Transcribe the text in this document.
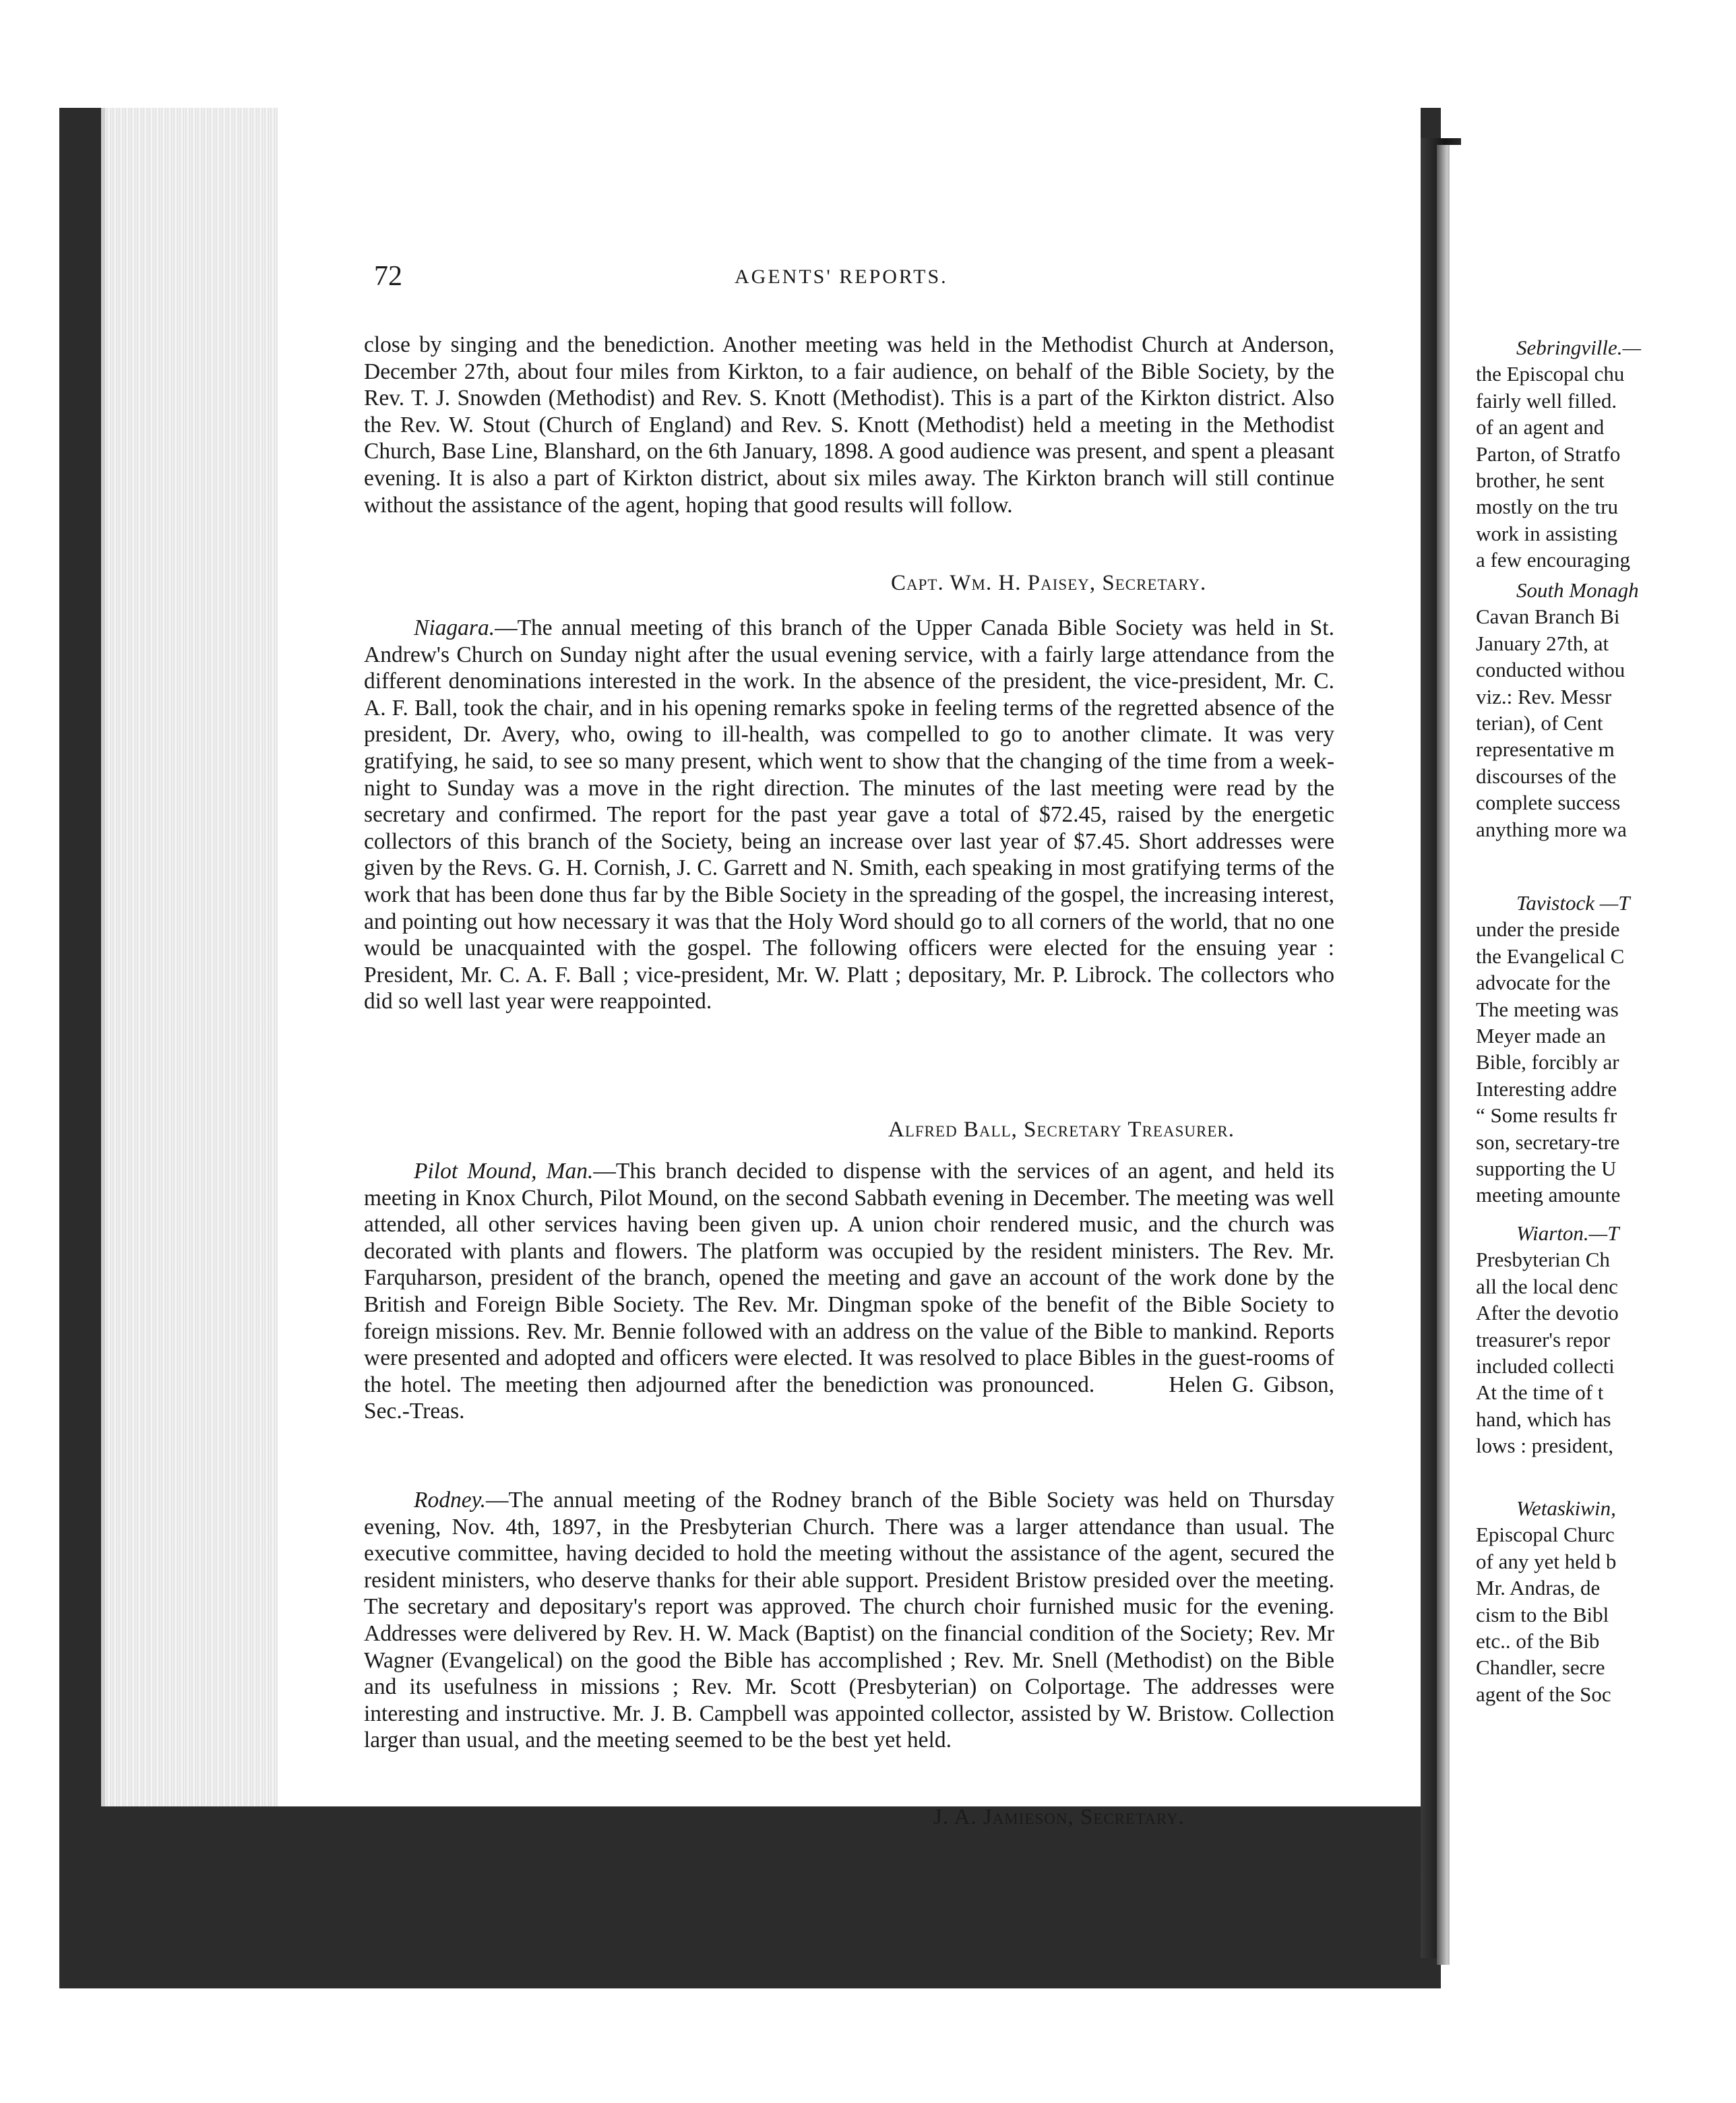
72	AGENTS' REPORTS.

close by singing and the benediction. Another meeting was held in the Methodist Church at Anderson, December 27th, about four miles from Kirkton, to a fair audience, on behalf of the Bible Society, by the Rev. T. J. Snowden (Methodist) and Rev. S. Knott (Methodist). This is a part of the Kirkton district. Also the Rev. W. Stout (Church of England) and Rev. S. Knott (Methodist) held a meeting in the Methodist Church, Base Line, Blanshard, on the 6th January, 1898. A good audience was present, and spent a pleasant evening. It is also a part of Kirkton district, about six miles away. The Kirkton branch will still continue without the assistance of the agent, hoping that good results will follow.

Capt. Wm. H. Paisey, Secretary.

Niagara.—The annual meeting of this branch of the Upper Canada Bible Society was held in St. Andrew's Church on Sunday night after the usual evening service, with a fairly large attendance from the different denominations interested in the work. In the absence of the president, the vice-president, Mr. C. A. F. Ball, took the chair, and in his opening remarks spoke in feeling terms of the regretted absence of the president, Dr. Avery, who, owing to ill-health, was compelled to go to another climate. It was very gratifying, he said, to see so many present, which went to show that the changing of the time from a week-night to Sunday was a move in the right direction. The minutes of the last meeting were read by the secretary and confirmed. The report for the past year gave a total of $72.45, raised by the energetic collectors of this branch of the Society, being an increase over last year of $7.45. Short addresses were given by the Revs. G. H. Cornish, J. C. Garrett and N. Smith, each speaking in most gratifying terms of the work that has been done thus far by the Bible Society in the spreading of the gospel, the increasing interest, and pointing out how necessary it was that the Holy Word should go to all corners of the world, that no one would be unacquainted with the gospel. The following officers were elected for the ensuing year : President, Mr. C. A. F. Ball ; vice-president, Mr. W. Platt ; depositary, Mr. P. Librock. The collectors who did so well last year were reappointed.

Alfred Ball, Secretary Treasurer.

Pilot Mound, Man.—This branch decided to dispense with the services of an agent, and held its meeting in Knox Church, Pilot Mound, on the second Sabbath evening in December. The meeting was well attended, all other services having been given up. A union choir rendered music, and the church was decorated with plants and flowers. The platform was occupied by the resident ministers. The Rev. Mr. Farquharson, president of the branch, opened the meeting and gave an account of the work done by the British and Foreign Bible Society. The Rev. Mr. Dingman spoke of the benefit of the Bible Society to foreign missions. Rev. Mr. Bennie followed with an address on the value of the Bible to mankind. Reports were presented and adopted and officers were elected. It was resolved to place Bibles in the guest-rooms of the hotel. The meeting then adjourned after the benediction was pronounced.	Helen G. Gibson, Sec.-Treas.

Rodney.—The annual meeting of the Rodney branch of the Bible Society was held on Thursday evening, Nov. 4th, 1897, in the Presbyterian Church. There was a larger attendance than usual. The executive committee, having decided to hold the meeting without the assistance of the agent, secured the resident ministers, who deserve thanks for their able support. President Bristow presided over the meeting. The secretary and depositary's report was approved. The church choir furnished music for the evening. Addresses were delivered by Rev. H. W. Mack (Baptist) on the financial condition of the Society; Rev. Mr Wagner (Evangelical) on the good the Bible has accomplished ; Rev. Mr. Snell (Methodist) on the Bible and its usefulness in missions ; Rev. Mr. Scott (Presbyterian) on Colportage. The addresses were interesting and instructive. Mr. J. B. Campbell was appointed collector, assisted by W. Bristow. Collection larger than usual, and the meeting seemed to be the best yet held.

J. A. Jamieson, Secretary.
Sebringville.—
the Episcopal chu
fairly well filled.
of an agent and
Parton, of Stratfo
brother, he sent
mostly on the tru
work in assisting
a few encouraging
South Monagh
Cavan Branch Bi
January 27th, at
conducted withou
viz.: Rev. Messr
terian), of Cent
representative m
discourses of the
complete success
anything more wa
Tavistock —T
under the preside
the Evangelical C
advocate for the
The meeting was
Meyer made an
Bible, forcibly ar
Interesting addre
“ Some results fr
son, secretary-tre
supporting the U
meeting amounte
Wiarton.—T
Presbyterian Ch
all the local denc
After the devotio
treasurer's repor
included collecti
At the time of t
hand, which has
lows : president,
Wetaskiwin,
Episcopal Churc
of any yet held b
Mr. Andras, de
cism to the Bibl
etc.. of the Bib
Chandler, secre
agent of the Soc
